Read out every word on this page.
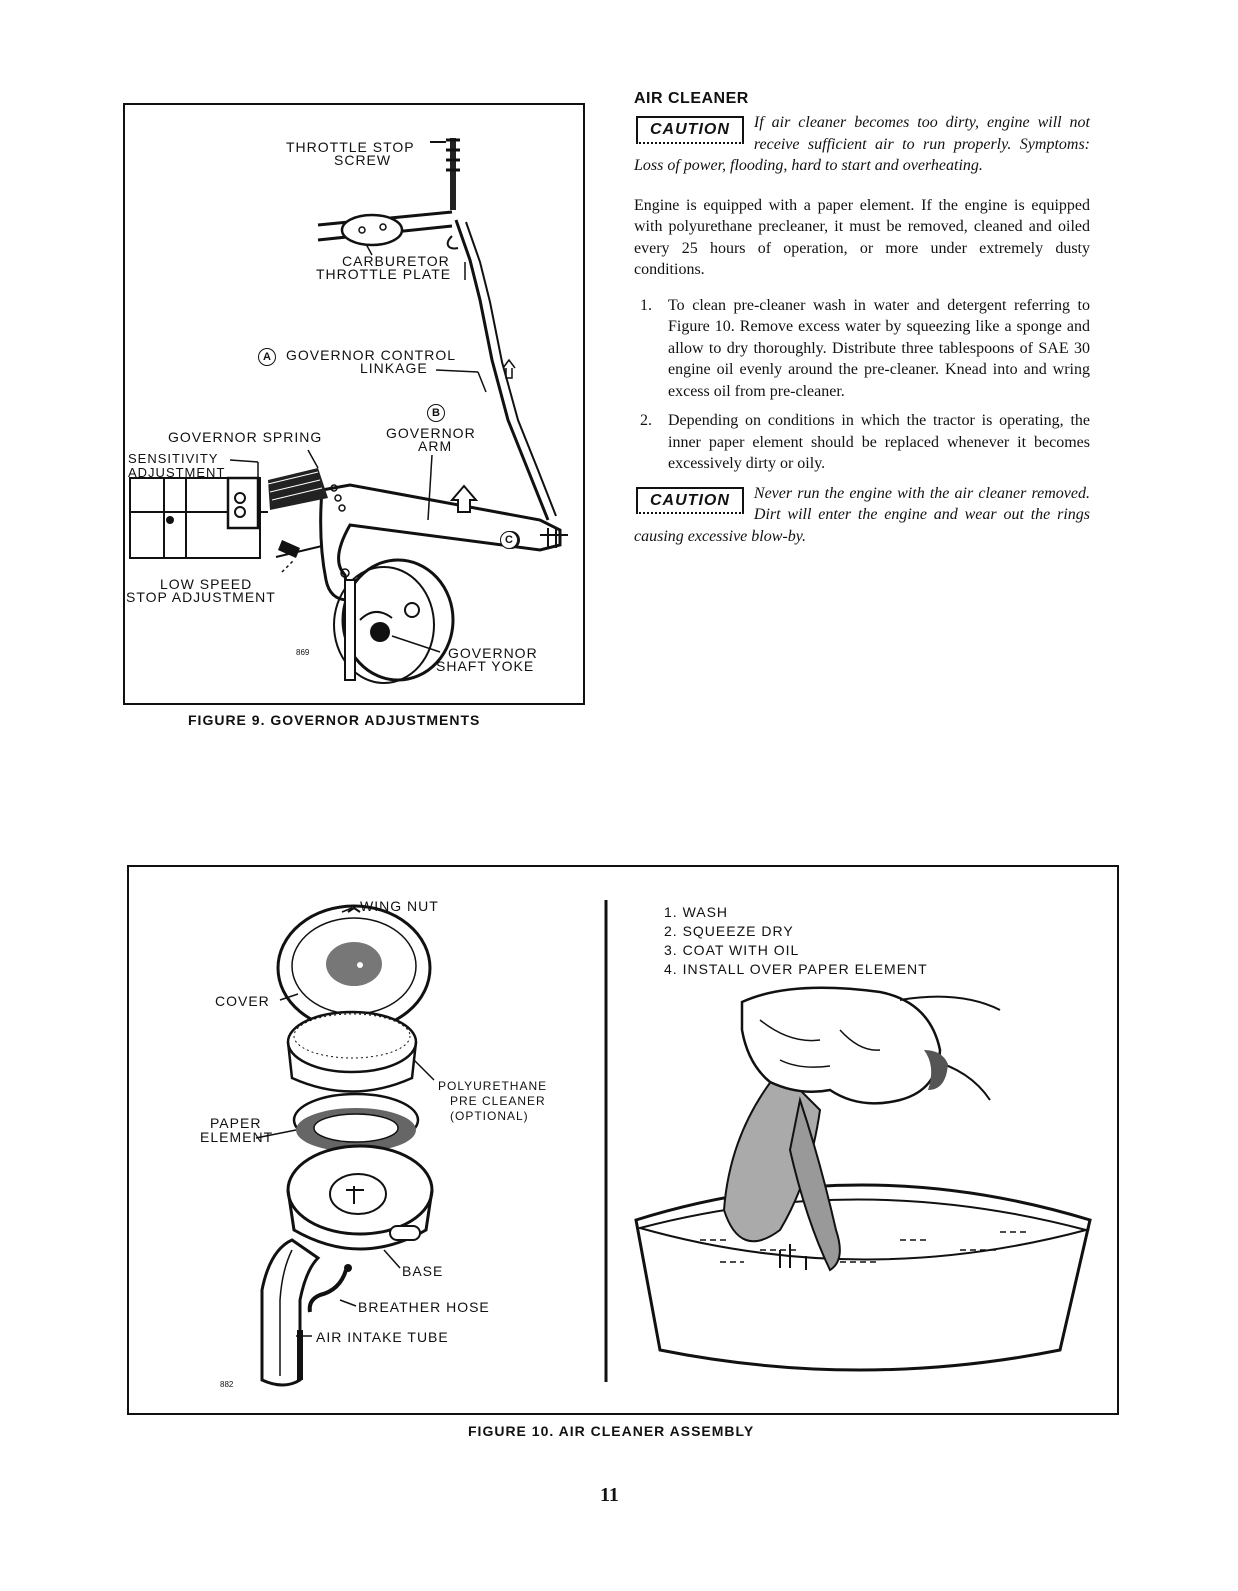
THROTTLE STOP
SCREW
CARBURETOR
THROTTLE PLATE
A	GOVERNOR CONTROL
LINKAGE
B
GOVERNOR
ARM
GOVERNOR SPRING
SENSITIVITY
ADJUSTMENT
C
LOW SPEED
STOP ADJUSTMENT
GOVERNOR
SHAFT YOKE
869
FIGURE 9. GOVERNOR ADJUSTMENTS
AIR CLEANER

CAUTION	If air cleaner becomes too dirty, engine will not receive sufficient air to run properly. Symptoms: Loss of power, flooding, hard to start and overheating.

Engine is equipped with a paper element. If the engine is equipped with polyurethane precleaner, it must be removed, cleaned and oiled every 25 hours of operation, or more under extremely dusty conditions.

1. To clean pre-cleaner wash in water and detergent referring to Figure 10. Remove excess water by squeezing like a sponge and allow to dry thoroughly. Distribute three tablespoons of SAE 30 engine oil evenly around the pre-cleaner. Knead into and wring excess oil from pre-cleaner.
2. Depending on conditions in which the tractor is operating, the inner paper element should be replaced whenever it becomes excessively dirty or oily.

CAUTION	Never run the engine with the air cleaner removed. Dirt will enter the engine and wear out the rings causing excessive blow-by.

WING NUT
COVER
POLYURETHANE
PRE CLEANER
(OPTIONAL)
PAPER
ELEMENT
BASE
BREATHER HOSE
AIR INTAKE TUBE
882
1. WASH
2. SQUEEZE DRY
3. COAT WITH OIL
4. INSTALL OVER PAPER ELEMENT
FIGURE 10. AIR CLEANER ASSEMBLY
11
